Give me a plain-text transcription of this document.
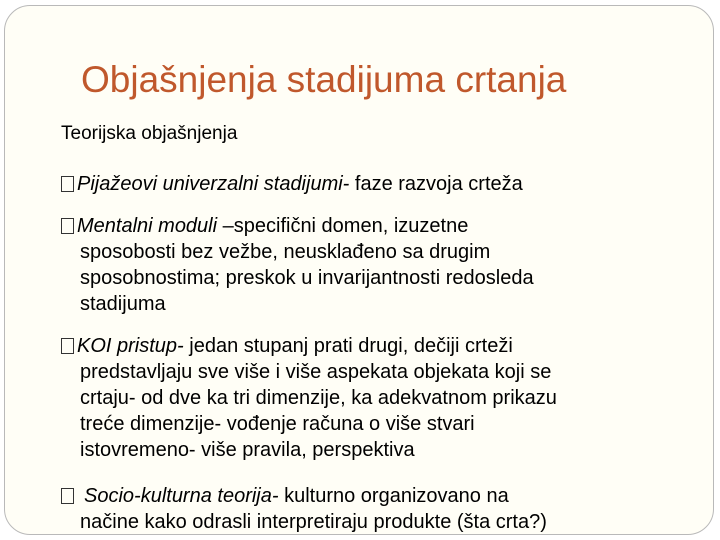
Objašnjenja stadijuma crtanja
Teorijska objašnjenja
Pijažeovi univerzalni stadijumi- faze razvoja crteža
Mentalni moduli –specifični domen, izuzetne
sposobosti bez vežbe, neusklađeno sa drugim
sposobnostima; preskok u invarijantnosti redosleda
stadijuma
KOI pristup- jedan stupanj prati drugi, dečiji crteži
predstavljaju sve više i više aspekata objekata koji se
crtaju- od dve ka tri dimenzije, ka adekvatnom prikazu
treće dimenzije- vođenje računa o više stvari
istovremeno- više pravila, perspektiva
Socio-kulturna teorija- kulturno organizovano na
načine kako odrasli interpretiraju produkte (šta crta?)
